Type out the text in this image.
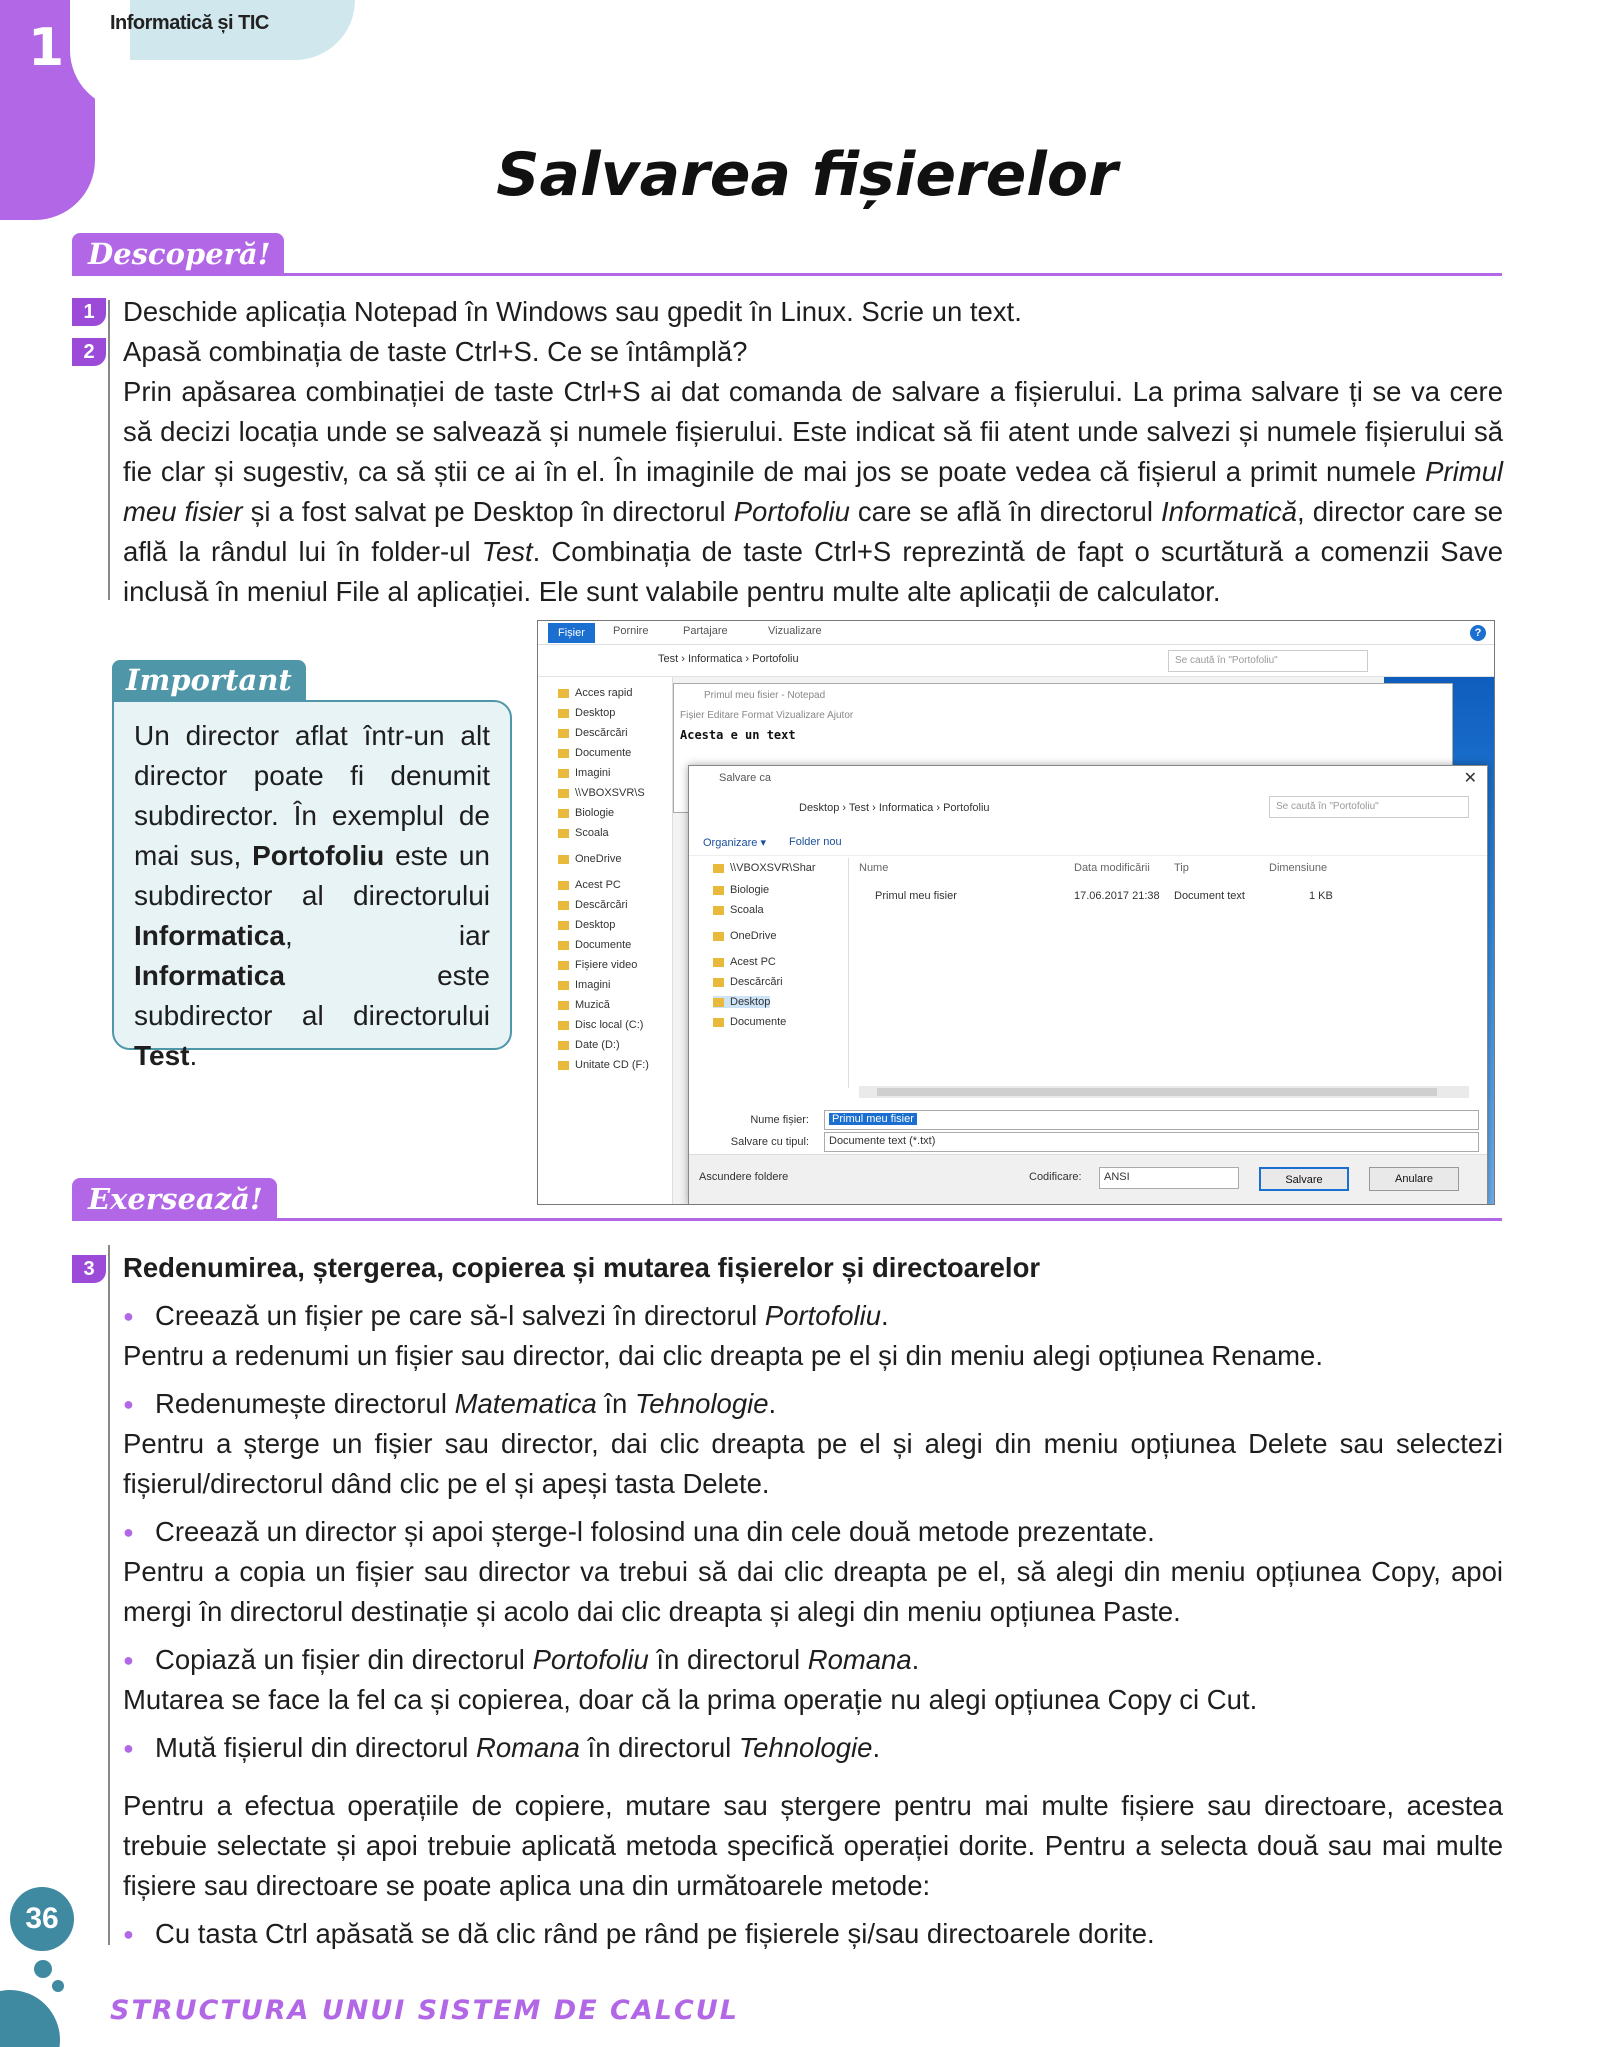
1 Informatică și TIC
Salvarea fișierelor
Descoperă!
1	Deschide aplicația Notepad în Windows sau gpedit în Linux. Scrie un text.
2	Apasă combinația de taste Ctrl+S. Ce se întâmplă?
Prin apăsarea combinației de taste Ctrl+S ai dat comanda de salvare a fișierului. La prima salvare ți se va cere să decizi locația unde se salvează și numele fișierului. Este indicat să fii atent unde salvezi și numele fișierului să fie clar și sugestiv, ca să știi ce ai în el. În imaginile de mai jos se poate vedea că fișierul a primit numele Primul meu fisier și a fost salvat pe Desktop în directorul Portofoliu care se află în directorul Informatică, director care se află la rândul lui în folder-ul Test. Combinația de taste Ctrl+S reprezintă de fapt o scurtătură a comenzii Save inclusă în meniul File al aplicației. Ele sunt valabile pentru multe alte aplicații de calculator.
Important
Un director aflat într-un alt director poate fi denumit subdirector. În exemplul de mai sus, Portofoliu este un subdirector al directorului Informatica, iar Informatica este subdirector al directorului Test.
Fișier	Pornire	Partajare	Vizualizare	?
Test › Informatica › Portofoliu	Se caută în "Portofoliu"
Acces rapid
Desktop
Descărcări
Documente
Imagini
\\VBOXSVR\S
Biologie
Scoala
OneDrive
Acest PC
Descărcări
Desktop
Documente
Fișiere video
Imagini
Muzică
Disc local (C:)
Date (D:)
Unitate CD (F:)
Primul meu fisier - Notepad
Fișier Editare Format Vizualizare Ajutor
Acesta e un text
Salvare ca	✕
Desktop › Test › Informatica › Portofoliu	Se caută în "Portofoliu"
Organizare ▾ Folder nou
\\VBOXSVR\Shar
Biologie
Scoala
OneDrive
Acest PC
Descărcări
Desktop
Documente
Nume	Data modificării Tip	Dimensiune
Primul meu fisier	17.06.2017 21:38 Document text	1 KB
Nume fișier:	Primul meu fisier
Salvare cu tipul:	Documente text (*.txt)
Ascundere foldere	Codificare:	ANSI	Salvare	Anulare
Exersează!
3	Redenumirea, ștergerea, copierea și mutarea fișierelor și directoarelor
● Creează un fișier pe care să-l salvezi în directorul Portofoliu.
Pentru a redenumi un fișier sau director, dai clic dreapta pe el și din meniu alegi opțiunea Rename.
● Redenumește directorul Matematica în Tehnologie.
Pentru a șterge un fișier sau director, dai clic dreapta pe el și alegi din meniu opțiunea Delete sau selectezi fișierul/directorul dând clic pe el și apeși tasta Delete.
● Creează un director și apoi șterge-l folosind una din cele două metode prezentate.
Pentru a copia un fișier sau director va trebui să dai clic dreapta pe el, să alegi din meniu opțiunea Copy, apoi mergi în directorul destinație și acolo dai clic dreapta și alegi din meniu opțiunea Paste.
● Copiază un fișier din directorul Portofoliu în directorul Romana.
Mutarea se face la fel ca și copierea, doar că la prima operație nu alegi opțiunea Copy ci Cut.
● Mută fișierul din directorul Romana în directorul Tehnologie.
Pentru a efectua operațiile de copiere, mutare sau ștergere pentru mai multe fișiere sau directoare, acestea trebuie selectate și apoi trebuie aplicată metoda specifică operației dorite. Pentru a selecta două sau mai multe fișiere sau directoare se poate aplica una din următoarele metode:
● Cu tasta Ctrl apăsată se dă clic rând pe rând pe fișierele și/sau directoarele dorite.
36
STRUCTURA UNUI SISTEM DE CALCUL
